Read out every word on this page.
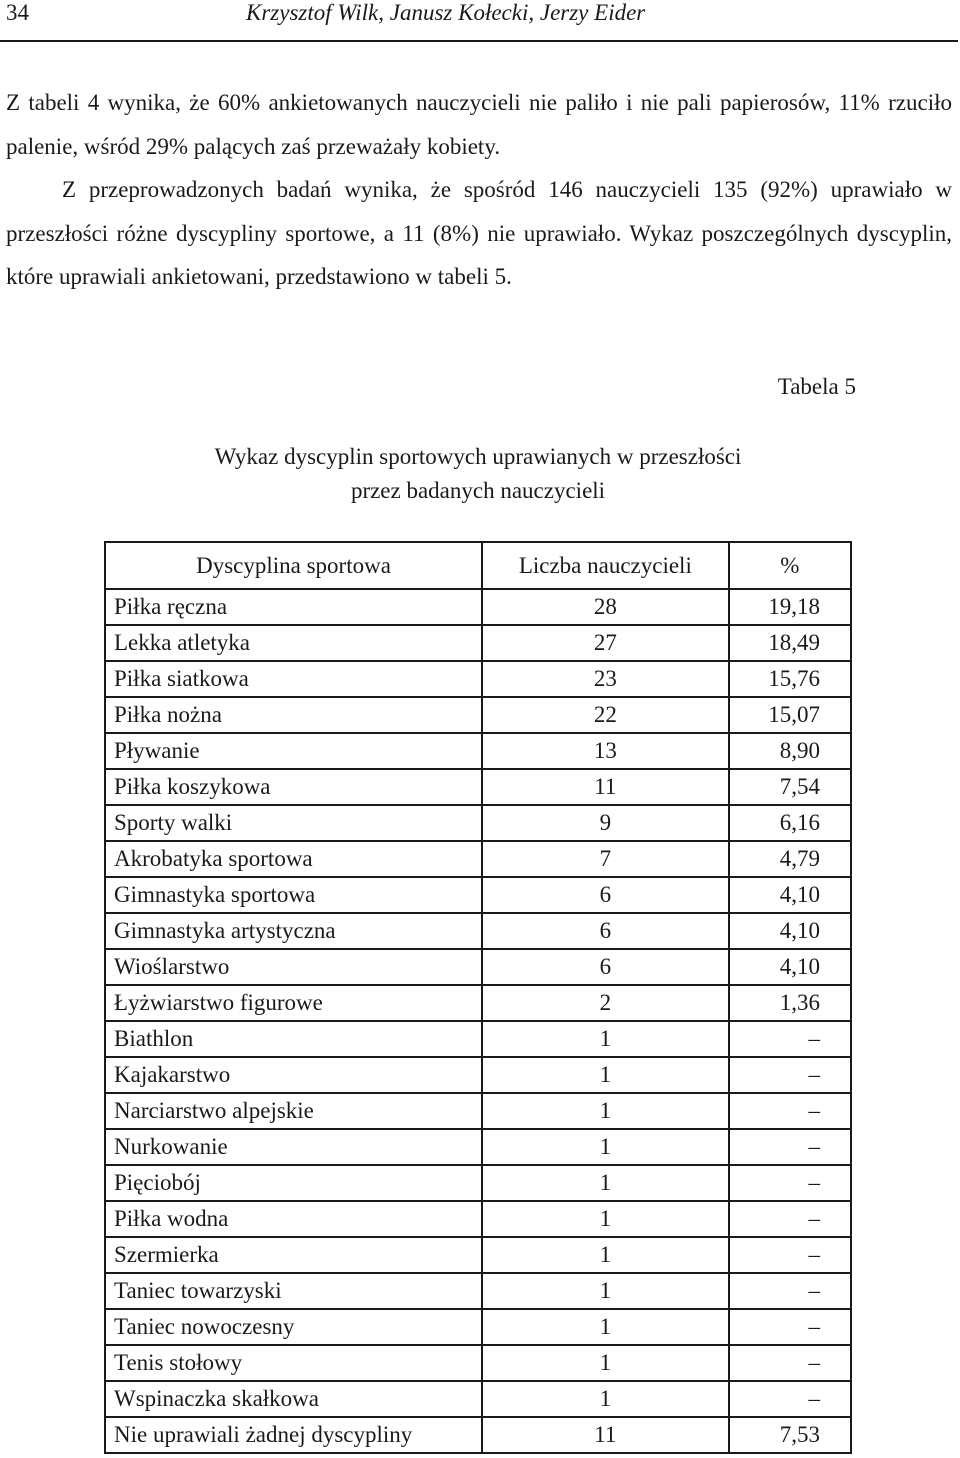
34	Krzysztof Wilk, Janusz Kołecki, Jerzy Eider

Z tabeli 4 wynika, że 60% ankietowanych nauczycieli nie paliło i nie pali papierosów, 11% rzuciło palenie, wśród 29% palących zaś przeważały kobiety.

Z przeprowadzonych badań wynika, że spośród 146 nauczycieli 135 (92%) uprawiało w przeszłości różne dyscypliny sportowe, a 11 (8%) nie uprawiało. Wykaz poszczególnych dyscyplin, które uprawiali ankietowani, przedstawiono w tabeli 5.

Tabela 5
Wykaz dyscyplin sportowych uprawianych w przeszłości
przez badanych nauczycieli
Dyscyplina sportowa	Liczba nauczycieli	%
Piłka ręczna	28	19,18
Lekka atletyka	27	18,49
Piłka siatkowa	23	15,76
Piłka nożna	22	15,07
Pływanie	13	8,90
Piłka koszykowa	11	7,54
Sporty walki	9	6,16
Akrobatyka sportowa	7	4,79
Gimnastyka sportowa	6	4,10
Gimnastyka artystyczna	6	4,10
Wioślarstwo	6	4,10
Łyżwiarstwo figurowe	2	1,36
Biathlon	1	–
Kajakarstwo	1	–
Narciarstwo alpejskie	1	–
Nurkowanie	1	–
Pięciobój	1	–
Piłka wodna	1	–
Szermierka	1	–
Taniec towarzyski	1	–
Taniec nowoczesny	1	–
Tenis stołowy	1	–
Wspinaczka skałkowa	1	–
Nie uprawiali żadnej dyscypliny	11	7,53
